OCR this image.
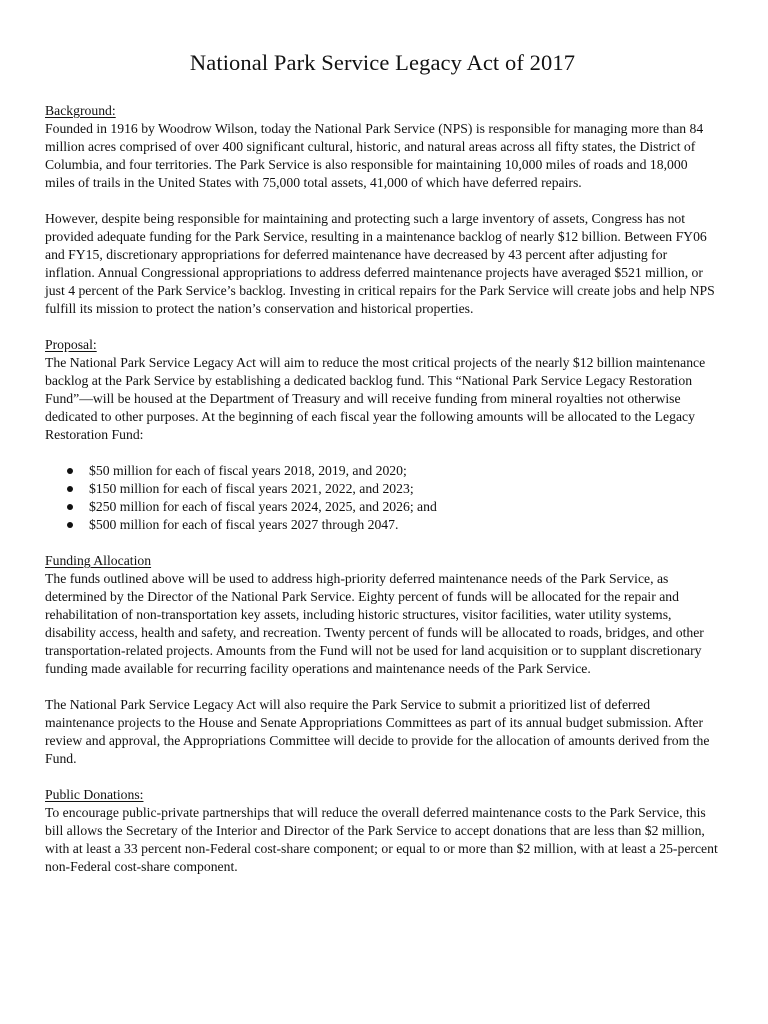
National Park Service Legacy Act of 2017

Background:

Founded in 1916 by Woodrow Wilson, today the National Park Service (NPS) is responsible for managing more than 84 million acres comprised of over 400 significant cultural, historic, and natural areas across all fifty states, the District of Columbia, and four territories. The Park Service is also responsible for maintaining 10,000 miles of roads and 18,000 miles of trails in the United States with 75,000 total assets, 41,000 of which have deferred repairs.

However, despite being responsible for maintaining and protecting such a large inventory of assets, Congress has not provided adequate funding for the Park Service, resulting in a maintenance backlog of nearly $12 billion. Between FY06 and FY15, discretionary appropriations for deferred maintenance have decreased by 43 percent after adjusting for inflation. Annual Congressional appropriations to address deferred maintenance projects have averaged $521 million, or just 4 percent of the Park Service’s backlog. Investing in critical repairs for the Park Service will create jobs and help NPS fulfill its mission to protect the nation’s conservation and historical properties.

Proposal:

The National Park Service Legacy Act will aim to reduce the most critical projects of the nearly $12 billion maintenance backlog at the Park Service by establishing a dedicated backlog fund. This “National Park Service Legacy Restoration Fund”—will be housed at the Department of Treasury and will receive funding from mineral royalties not otherwise dedicated to other purposes. At the beginning of each fiscal year the following amounts will be allocated to the Legacy Restoration Fund:

$50 million for each of fiscal years 2018, 2019, and 2020;
$150 million for each of fiscal years 2021, 2022, and 2023;
$250 million for each of fiscal years 2024, 2025, and 2026; and
$500 million for each of fiscal years 2027 through 2047.

Funding Allocation

The funds outlined above will be used to address high-priority deferred maintenance needs of the Park Service, as determined by the Director of the National Park Service. Eighty percent of funds will be allocated for the repair and rehabilitation of non-transportation key assets, including historic structures, visitor facilities, water utility systems, disability access, health and safety, and recreation. Twenty percent of funds will be allocated to roads, bridges, and other transportation-related projects. Amounts from the Fund will not be used for land acquisition or to supplant discretionary funding made available for recurring facility operations and maintenance needs of the Park Service.

The National Park Service Legacy Act will also require the Park Service to submit a prioritized list of deferred maintenance projects to the House and Senate Appropriations Committees as part of its annual budget submission. After review and approval, the Appropriations Committee will decide to provide for the allocation of amounts derived from the Fund.

Public Donations:

To encourage public-private partnerships that will reduce the overall deferred maintenance costs to the Park Service, this bill allows the Secretary of the Interior and Director of the Park Service to accept donations that are less than $2 million, with at least a 33 percent non-Federal cost-share component; or equal to or more than $2 million, with at least a 25-percent non-Federal cost-share component.
